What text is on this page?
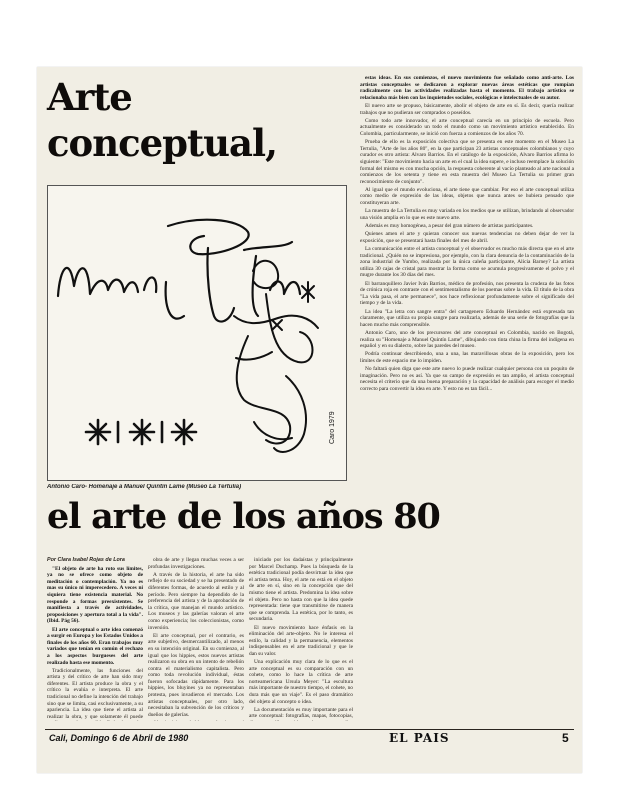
Arte
conceptual,
Caro 1979
Antonio Caro- Homenaje a Manuel Quintín Lame (Museo La Tertulia)
el arte de los años 80

Por Clara Isabel Rojas de Lora

"El objeto de arte ha roto sus límites, ya no se ofrece como objeto de meditación o contemplación. Ya no es mas su único ni imperecedero. A veces ni siquiera tiene existencia material. No responde a formas preexistentes. Se manifiesta a través de actividades, proposiciones y apertura total a la vida". (Ibid. Pág 56).

El arte conceptual o arte idea comenzó a surgir en Europa y los Estados Unidos a finales de los años 60. Eran trabajos muy variados que tenían en común el rechazo a los aspectos burgueses del arte realizado hasta ese momento.

Tradicionalmente, las funciones del artista y del crítico de arte han sido muy diferentes. El artista produce la obra y el crítico la evalúa e interpreta. El arte tradicional no define la intención del trabajo sino que se limita, casi exclusivamente, a su apariencia. La idea que tiene el artista al realizar la obra, y que solamente él puede

obra de arte y llegan muchas veces a ser profundas investigaciones.

A través de la historia, el arte ha sido reflejo de su sociedad y se ha presentado de diferentes formas, de acuerdo al estilo y al período. Pero siempre ha dependido de la preferencia del artista y de la aprobación de la crítica, que manejan el mundo artístico. Los museos y las galerías valoran el arte como experiencia; los coleccionistas, como inversión.

El arte conceptual, por el contrario, es arte subjetivo, desmercantilizado, al menos en su intención original. En su comienzo, al igual que los hippies, estos nuevos artistas realizaron su obra en un intento de rebelión contra el materialismo capitalista. Pero como toda revolución individual, éstas fueron sofocadas rápidamente. Para los hippies, los bluyines ya no representaban protesta, pues invadieron el mercado. Los artistas conceptuales, por otro lado, necesitaban la subvención de los críticos y dueños de galerías.

iniciado por los dadaístas y principalmente por Marcel Duchamp. Pues la búsqueda de la estética tradicional podía desvirtuar la idea que el artista tema. Hoy, el arte no está en el objeto de arte en sí, sino en la concepción que del mismo tiene el artista. Predomina la idea sobre el objeto. Pero no hasta con que la idea quede representada: tiene que transmitirse de manera que se comprenda. La estética, por lo tanto, es secundaria.

El nuevo movimiento hace énfasis en la eliminación del arte-objeto. No le interesa el estilo, la calidad y la permanencia, elementos indispensables en el arte tradicional y que le dan su valor.

Una explicación muy clara de lo que es el arte conceptual es su comparación con un cohete, como lo hace la crítica de arte norteamericana Ursula Meyer: "La escultura más importante de nuestro tiempo, el cohete, no dura más que un viaje". Es el paso dramático del objeto al concepto o idea.

La documentación es muy importante para el arte conceptual: fotografías, mapas, fotocopias,

estas ideas. En sus comienzos, el nuevo movimiento fue señalado como anti-arte. Los artistas conceptuales se dedicaron a explorar nuevas áreas estéticas que rompían radicalmente con las actividades realizadas hasta el momento. El trabajo artístico se relacionaba más bien con las inquietudes sociales, ecológicas e intelectuales de su autor.

El nuevo arte se propuso, básicamente, abolir el objeto de arte en sí. Es decir, quería realizar trabajos que no pudieran ser comprados o poseídos.

Como todo arte innovador, el arte conceptual carecía en un principio de escuela. Pero actualmente es considerado un todo el mundo como un movimiento artístico establecido. En Colombia, particularmente, se inició con fuerza a comienzos de los años 70.

Prueba de ello es la exposición colectiva que se presenta en este momento en el Museo La Tertulia, "Arte de los años 80", en la que participan 23 artistas conceptuales colombianos y cuyo curador es otro artista: Alvaro Barrios. En el catálogo de la exposición, Alvaro Barrios afirma lo siguiente: "Este movimiento hacia un arte en el cual la idea supere, e incluso reemplace la solución formal del mismo es con mucha opción, la respuesta coherente al vacío planteado al arte nacional a comienzos de los setenta y tiene en esta muestra del Museo La Tertulia su primer gran reconocimiento de conjunto".

Al igual que el mundo evoluciona, el arte tiene que cambiar. Por eso el arte conceptual utiliza como medio de expresión de las ideas, objetos que nunca antes se hubiera pensado que constituyeran arte.

La muestra de La Tertulia es muy variada en los medios que se utilizan, brindando al observador una visión amplia en lo que es este nuevo arte.

Además es muy homogénea, a pesar del gran número de artistas participantes.

Quienes amen el arte y quieran conocer sus nuevas tendencias no deben dejar de ver la exposición, que se presentará hasta finales del mes de abril.

La comunicación entre el artista conceptual y el observador es mucho más directa que en el arte tradicional. ¿Quién no se impresiona, por ejemplo, con la clara denuncia de la contaminación de la zona industrial de Yumbo, realizada por la única caleña participante, Alicia Barney? La artista utiliza 30 cajas de cristal para mostrar la forma como se acumula progresivamente el polvo y el mugre durante los 30 días del mes.

El barranquillero Javier Iván Barrios, médico de profesión, nos presenta la crudeza de las fotos de crónica roja en contraste con el sentimentalismo de los poemas sobre la vida. El título de la obra "La vida pasa, el arte permanece", nos hace reflexionar profundamente sobre el significado del tiempo y de la vida.

La idea "La letra con sangre entra" del cartagenero Eduardo Hernández está expresada tan claramente, que utiliza su propia sangre para realizarla, además de una serie de fotografías que la hacen mucho más comprensible.

Antonio Caro, uno de los precursores del arte conceptual en Colombia, nacido en Bogotá, realiza su "Homenaje a Manuel Quintín Lame", dibujando con tinta china la firma del indígena en español y en su dialecto, sobre las paredes del museo.

Podría continuar describiendo, una a una, las maravillosas obras de la exposición, pero los límites de este espacio me lo impiden.

No faltará quien diga que este arte nuevo lo puede realizar cualquier persona con un poquito de imaginación. Pero no es así. Ya que su campo de expresión es tan amplio, el artista conceptual necesita el criterio que da una buena preparación y la capacidad de análisis para escoger el medio correcto para convertir la idea en arte. Y esto no es tan fácil...

Cali, Domingo 6 de Abril de 1980	EL PAIS	5
